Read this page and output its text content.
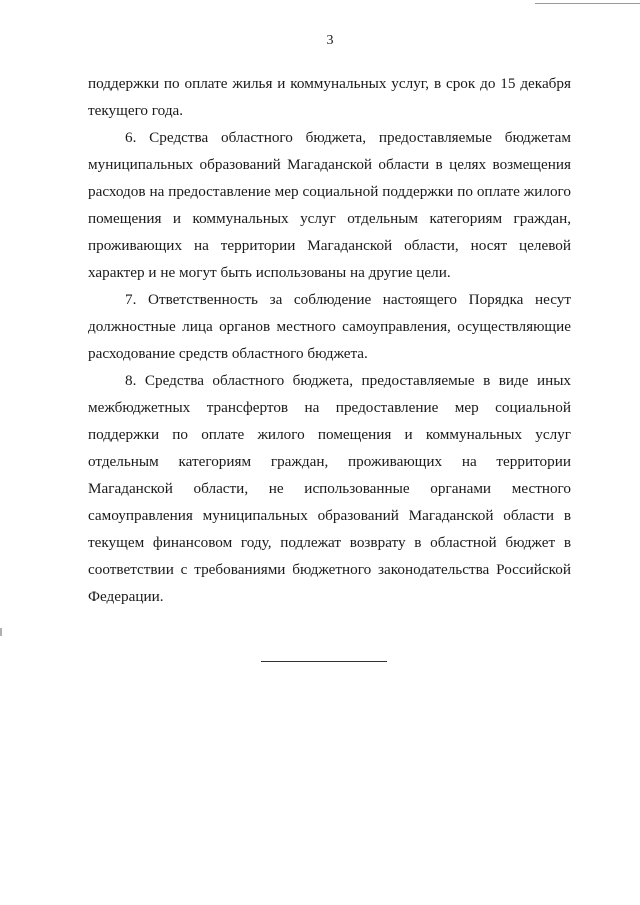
3

поддержки по оплате жилья и коммунальных услуг, в срок до 15 декабря текущего года.

6. Средства областного бюджета, предоставляемые бюджетам муниципальных образований Магаданской области в целях возмещения расходов на предоставление мер социальной поддержки по оплате жилого помещения и коммунальных услуг отдельным категориям граждан, проживающих на территории Магаданской области, носят целевой характер и не могут быть использованы на другие цели.

7. Ответственность за соблюдение настоящего Порядка несут должностные лица органов местного самоуправления, осуществляющие расходование средств областного бюджета.

8. Средства областного бюджета, предоставляемые в виде иных межбюджетных трансфертов на предоставление мер социальной поддержки по оплате жилого помещения и коммунальных услуг отдельным категориям граждан, проживающих на территории Магаданской области, не использованные органами местного самоуправления муниципальных образований Магаданской области в текущем финансовом году, подлежат возврату в областной бюджет в соответствии с требованиями бюджетного законодательства Российской Федерации.
